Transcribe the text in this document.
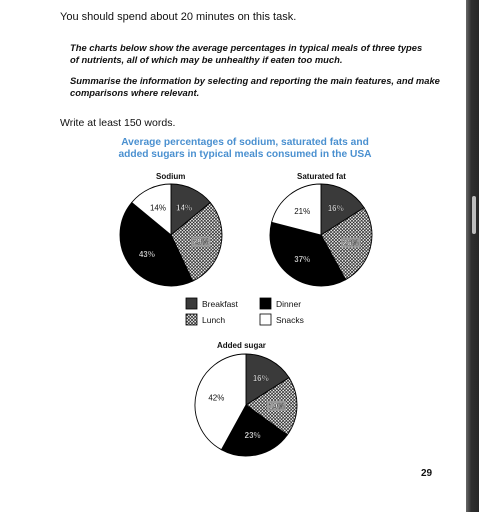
You should spend about 20 minutes on this task.
The charts below show the average percentages in typical meals of three types of nutrients, all of which may be unhealthy if eaten too much.
Summarise the information by selecting and reporting the main features, and make comparisons where relevant.
Write at least 150 words.
Average percentages of sodium, saturated fats and
added sugars in typical meals consumed in the USA
Sodium	Saturated fat
Added sugar
14%
29%
43%
14%	16%
26%
37%
21%
16%
19%
23%
42%
Breakfast	Dinner
Lunch	Snacks
29
